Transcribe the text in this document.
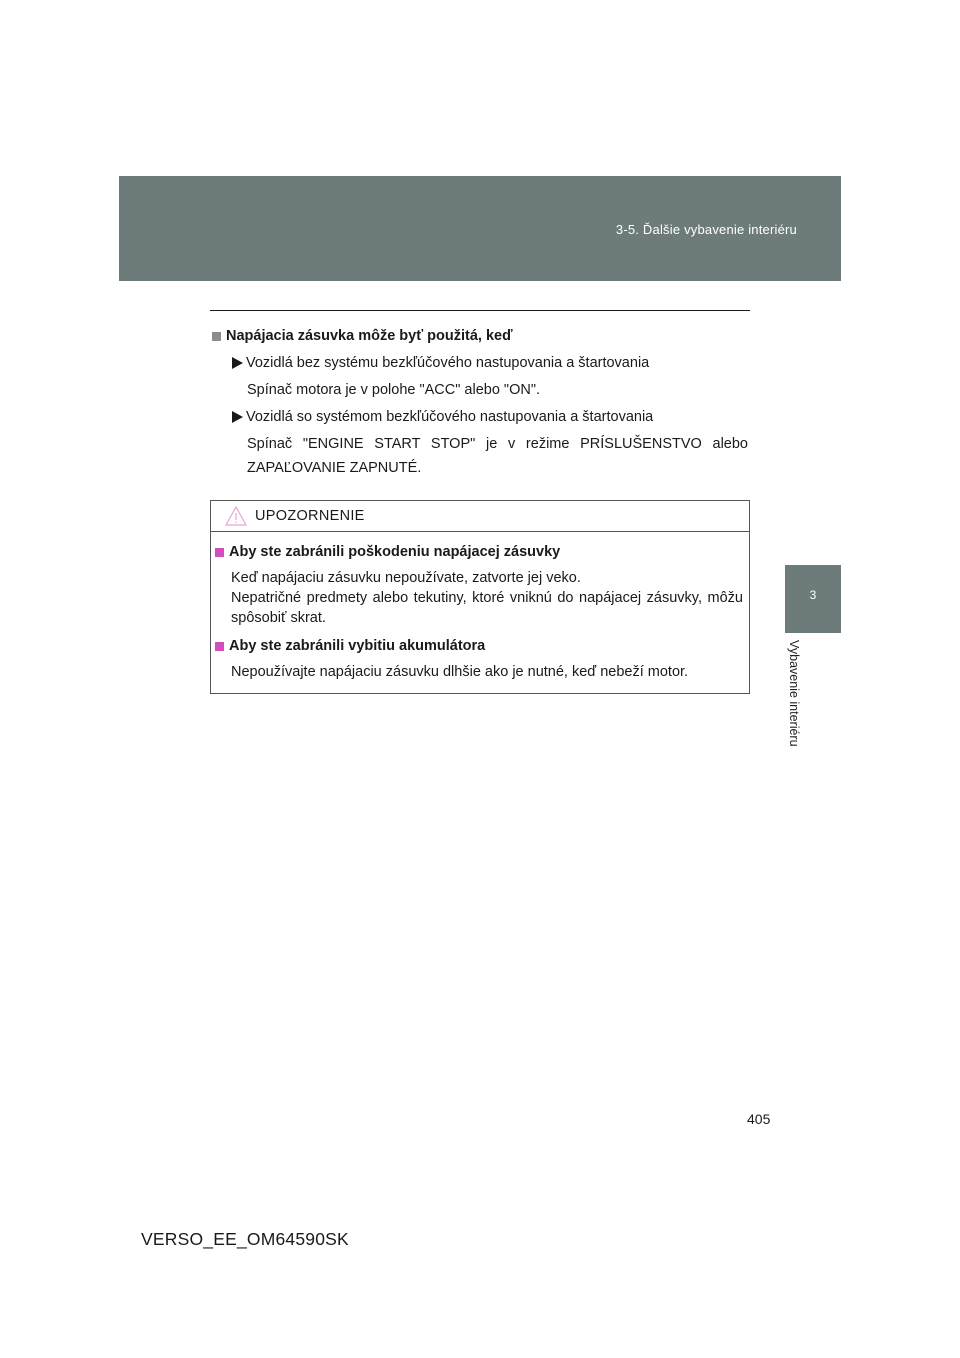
3-5. Ďalšie vybavenie interiéru
3
Vybavenie interiéru
Napájacia zásuvka môže byť použitá, keď
Vozidlá bez systému bezkľúčového nastupovania a štartovania
Spínač motora je v polohe "ACC" alebo "ON".
Vozidlá so systémom bezkľúčového nastupovania a štartovania
Spínač "ENGINE START STOP" je v režime PRÍSLUŠENSTVO alebo ZAPAĽOVANIE ZAPNUTÉ.
UPOZORNENIE
Aby ste zabránili poškodeniu napájacej zásuvky
Keď napájaciu zásuvku nepoužívate, zatvorte jej veko.
Nepatričné predmety alebo tekutiny, ktoré vniknú do napájacej zásuvky, môžu spôsobiť skrat.
Aby ste zabránili vybitiu akumulátora
Nepoužívajte napájaciu zásuvku dlhšie ako je nutné, keď nebeží motor.
405
VERSO_EE_OM64590SK
